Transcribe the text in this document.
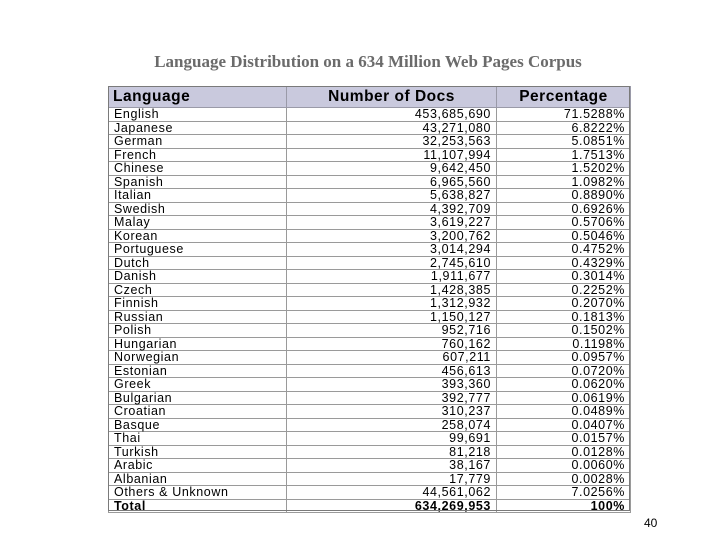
Language Distribution on a 634 Million Web Pages Corpus
Language	Number of Docs	Percentage
English	453,685,690	71.5288%
Japanese	43,271,080	6.8222%
German	32,253,563	5.0851%
French	11,107,994	1.7513%
Chinese	9,642,450	1.5202%
Spanish	6,965,560	1.0982%
Italian	5,638,827	0.8890%
Swedish	4,392,709	0.6926%
Malay	3,619,227	0.5706%
Korean	3,200,762	0.5046%
Portuguese	3,014,294	0.4752%
Dutch	2,745,610	0.4329%
Danish	1,911,677	0.3014%
Czech	1,428,385	0.2252%
Finnish	1,312,932	0.2070%
Russian	1,150,127	0.1813%
Polish	952,716	0.1502%
Hungarian	760,162	0.1198%
Norwegian	607,211	0.0957%
Estonian	456,613	0.0720%
Greek	393,360	0.0620%
Bulgarian	392,777	0.0619%
Croatian	310,237	0.0489%
Basque	258,074	0.0407%
Thai	99,691	0.0157%
Turkish	81,218	0.0128%
Arabic	38,167	0.0060%
Albanian	17,779	0.0028%
Others & Unknown	44,561,062	7.0256%
Total	634,269,953	100%
40
